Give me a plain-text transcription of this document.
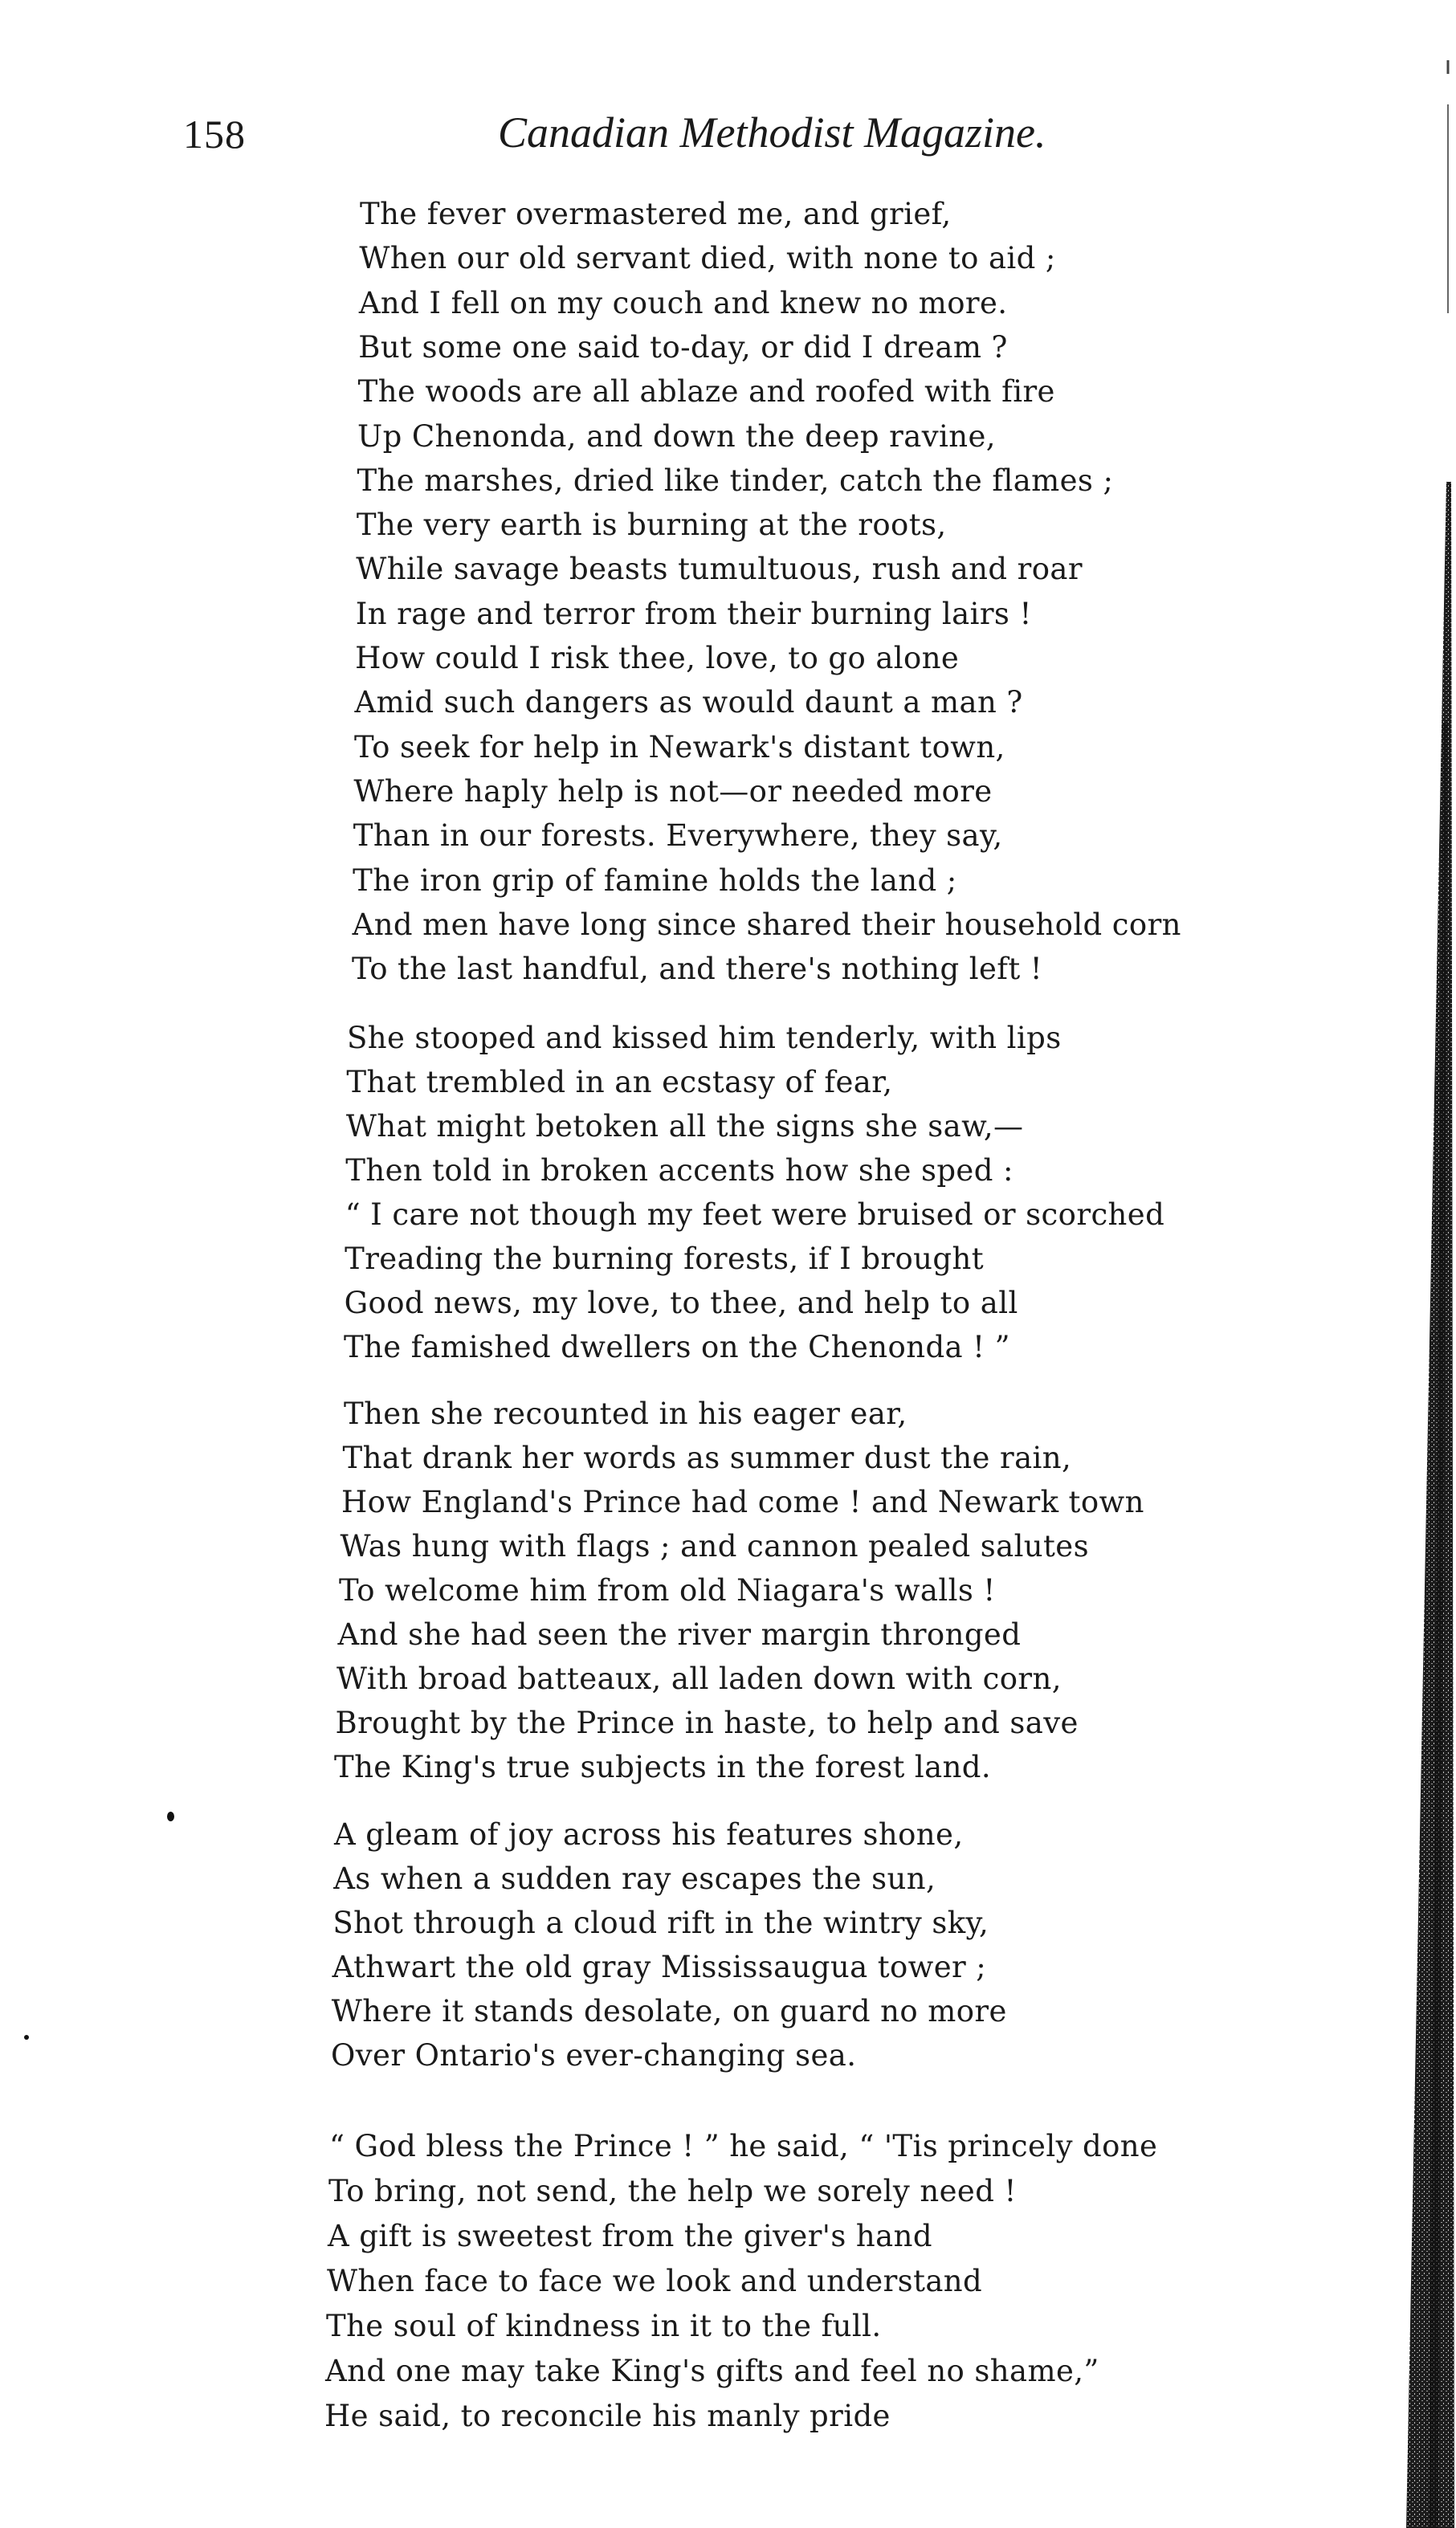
158	Canadian Methodist Magazine.
The fever overmastered me, and grief,
When our old servant died, with none to aid ;
And I fell on my couch and knew no more.
But some one said to-day, or did I dream ?
The woods are all ablaze and roofed with fire
Up Chenonda, and down the deep ravine,
The marshes, dried like tinder, catch the flames ;
The very earth is burning at the roots,
While savage beasts tumultuous, rush and roar
In rage and terror from their burning lairs !
How could I risk thee, love, to go alone
Amid such dangers as would daunt a man ?
To seek for help in Newark's distant town,
Where haply help is not—or needed more
Than in our forests. Everywhere, they say,
The iron grip of famine holds the land ;
And men have long since shared their household corn
To the last handful, and there's nothing left !
She stooped and kissed him tenderly, with lips
That trembled in an ecstasy of fear,
What might betoken all the signs she saw,—
Then told in broken accents how she sped :
“ I care not though my feet were bruised or scorched
Treading the burning forests, if I brought
Good news, my love, to thee, and help to all
The famished dwellers on the Chenonda ! ”
Then she recounted in his eager ear,
That drank her words as summer dust the rain,
How England's Prince had come ! and Newark town
Was hung with flags ; and cannon pealed salutes
To welcome him from old Niagara's walls !
And she had seen the river margin thronged
With broad batteaux, all laden down with corn,
Brought by the Prince in haste, to help and save
The King's true subjects in the forest land.
A gleam of joy across his features shone,
As when a sudden ray escapes the sun,
Shot through a cloud rift in the wintry sky,
Athwart the old gray Mississaugua tower ;
Where it stands desolate, on guard no more
Over Ontario's ever-changing sea.
“ God bless the Prince ! ” he said, “ 'Tis princely done
To bring, not send, the help we sorely need !
A gift is sweetest from the giver's hand
When face to face we look and understand
The soul of kindness in it to the full.
And one may take King's gifts and feel no shame,”
He said, to reconcile his manly pride
